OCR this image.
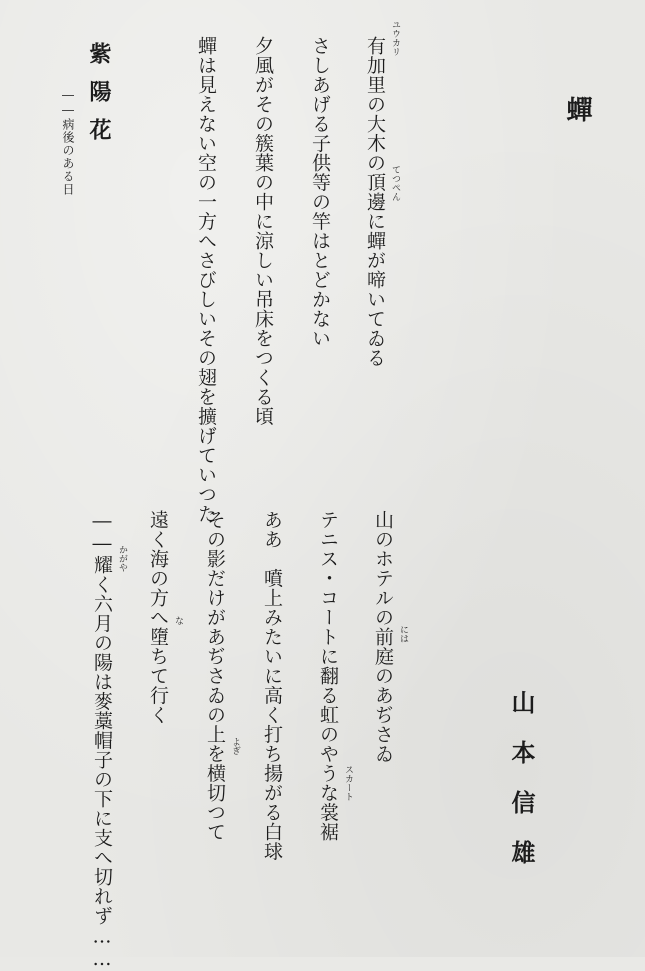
蟬
山本信雄
有加里の大木の頂邊に蟬が啼いてゐる
さしあげる子供等の竿はとどかない
夕風がその簇葉の中に涼しい吊床をつくる頃
蟬は見えない空の一方へさびしいその翅を擴げていつた
山のホテルの前庭のあぢさゐ
テニス・コートに翻る虹のやうな裳裾
ああ　噴上みたいに高く打ち揚がる白球
その影だけがあぢさゐの上を横切つて
遠く海の方へ墮ちて行く
――耀く六月の陽は麥藁帽子の下に支へ切れず……
ユウカリ
てつぺん
には
スカート
よぎ
な
かがや
紫陽花
――病後のある日
